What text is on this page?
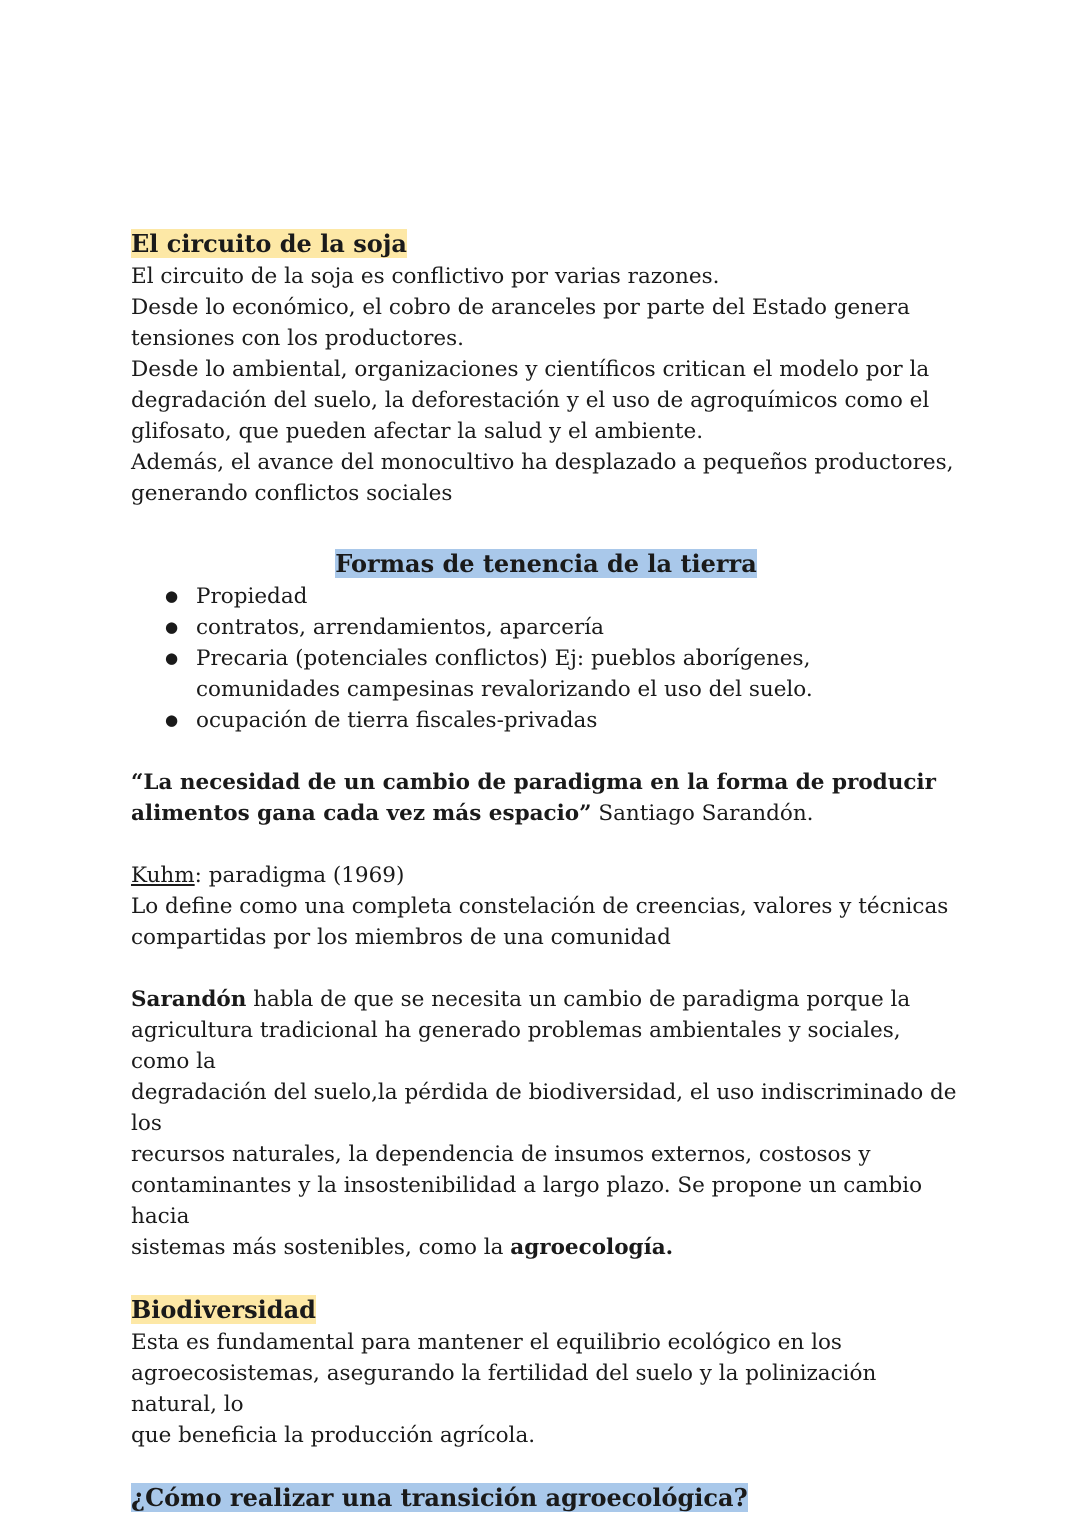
El circuito de la soja

El circuito de la soja es conflictivo por varias razones.

Desde lo económico, el cobro de aranceles por parte del Estado genera

tensiones con los productores.

Desde lo ambiental, organizaciones y científicos critican el modelo por la

degradación del suelo, la deforestación y el uso de agroquímicos como el

glifosato, que pueden afectar la salud y el ambiente.

Además, el avance del monocultivo ha desplazado a pequeños productores,

generando conflictos sociales

Formas de tenencia de la tierra

● Propiedad
● contratos, arrendamientos, aparcería
● Precaria (potenciales conflictos) Ej: pueblos aborígenes, comunidades campesinas revalorizando el uso del suelo.
● ocupación de tierra fiscales-privadas

“La necesidad de un cambio de paradigma en la forma de producir

alimentos gana cada vez más espacio” Santiago Sarandón.

Kuhm: paradigma (1969)

Lo define como una completa constelación de creencias, valores y técnicas

compartidas por los miembros de una comunidad

Sarandón habla de que se necesita un cambio de paradigma porque la

agricultura tradicional ha generado problemas ambientales y sociales, como la

degradación del suelo,la pérdida de biodiversidad, el uso indiscriminado de los

recursos naturales, la dependencia de insumos externos, costosos y

contaminantes y la insostenibilidad a largo plazo. Se propone un cambio hacia

sistemas más sostenibles, como la agroecología.

Biodiversidad

Esta es fundamental para mantener el equilibrio ecológico en los

agroecosistemas, asegurando la fertilidad del suelo y la polinización natural, lo

que beneficia la producción agrícola.

¿Cómo realizar una transición agroecológica?
